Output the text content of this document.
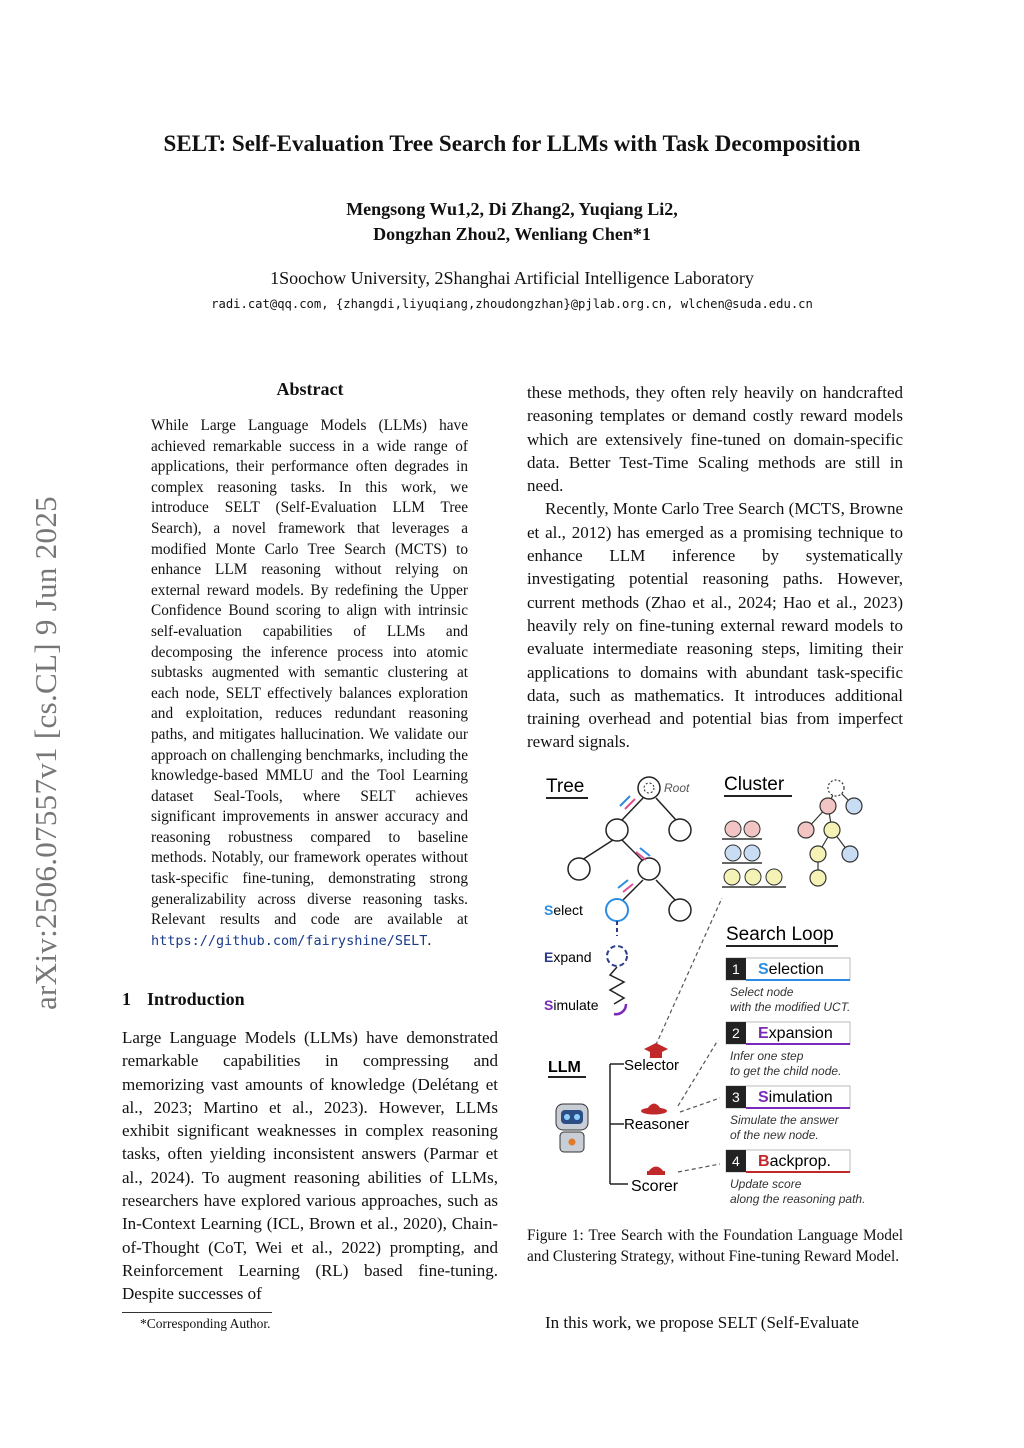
arXiv:2506.07557v1 [cs.CL] 9 Jun 2025
SELT: Self-Evaluation Tree Search for LLMs with Task Decomposition
Mengsong Wu1,2, Di Zhang2, Yuqiang Li2,
Dongzhan Zhou2, Wenliang Chen*1
1Soochow University, 2Shanghai Artificial Intelligence Laboratory
radi.cat@qq.com, {zhangdi,liyuqiang,zhoudongzhan}@pjlab.org.cn, wlchen@suda.edu.cn
Abstract

While Large Language Models (LLMs) have achieved remarkable success in a wide range of applications, their performance often degrades in complex reasoning tasks. In this work, we introduce SELT (Self-Evaluation LLM Tree Search), a novel framework that leverages a modified Monte Carlo Tree Search (MCTS) to enhance LLM reasoning without relying on external reward models. By redefining the Upper Confidence Bound scoring to align with intrinsic self-evaluation capabilities of LLMs and decomposing the inference process into atomic subtasks augmented with semantic clustering at each node, SELT effectively balances exploration and exploitation, reduces redundant reasoning paths, and mitigates hallucination. We validate our approach on challenging benchmarks, including the knowledge-based MMLU and the Tool Learning dataset Seal-Tools, where SELT achieves significant improvements in answer accuracy and reasoning robustness compared to baseline methods. Notably, our framework operates without task-specific fine-tuning, demonstrating strong generalizability across diverse reasoning tasks. Relevant results and code are available at https://github.com/fairyshine/SELT.

1 Introduction

Large Language Models (LLMs) have demonstrated remarkable capabilities in compressing and memorizing vast amounts of knowledge (Delétang et al., 2023; Martino et al., 2023). However, LLMs exhibit significant weaknesses in complex reasoning tasks, often yielding inconsistent answers (Parmar et al., 2024). To augment reasoning abilities of LLMs, researchers have explored various approaches, such as In-Context Learning (ICL, Brown et al., 2020), Chain-of-Thought (CoT, Wei et al., 2022) prompting, and Reinforcement Learning (RL) based fine-tuning. Despite successes of

*Corresponding Author.

these methods, they often rely heavily on handcrafted reasoning templates or demand costly reward models which are extensively fine-tuned on domain-specific data. Better Test-Time Scaling methods are still in need.

Recently, Monte Carlo Tree Search (MCTS, Browne et al., 2012) has emerged as a promising technique to enhance LLM inference by systematically investigating potential reasoning paths. However, current methods (Zhao et al., 2024; Hao et al., 2023) heavily rely on fine-tuning external reward models to evaluate intermediate reasoning steps, limiting their applications to domains with abundant task-specific data, such as mathematics. It introduces additional training overhead and potential bias from imperfect reward signals.

Tree	Root
Select
Expand
Simulate
Cluster
Search Loop
1 Selection
Select node
with the modified UCT.
2 Expansion
Infer one step
to get the child node.
3 Simulation
Simulate the answer
of the new node.
4 Backprop.
Update score
along the reasoning path.
LLM	Selector
Reasoner
Scorer
Figure 1: Tree Search with the Foundation Language Model and Clustering Strategy, without Fine-tuning Reward Model.
In this work, we propose SELT (Self-Evaluate
